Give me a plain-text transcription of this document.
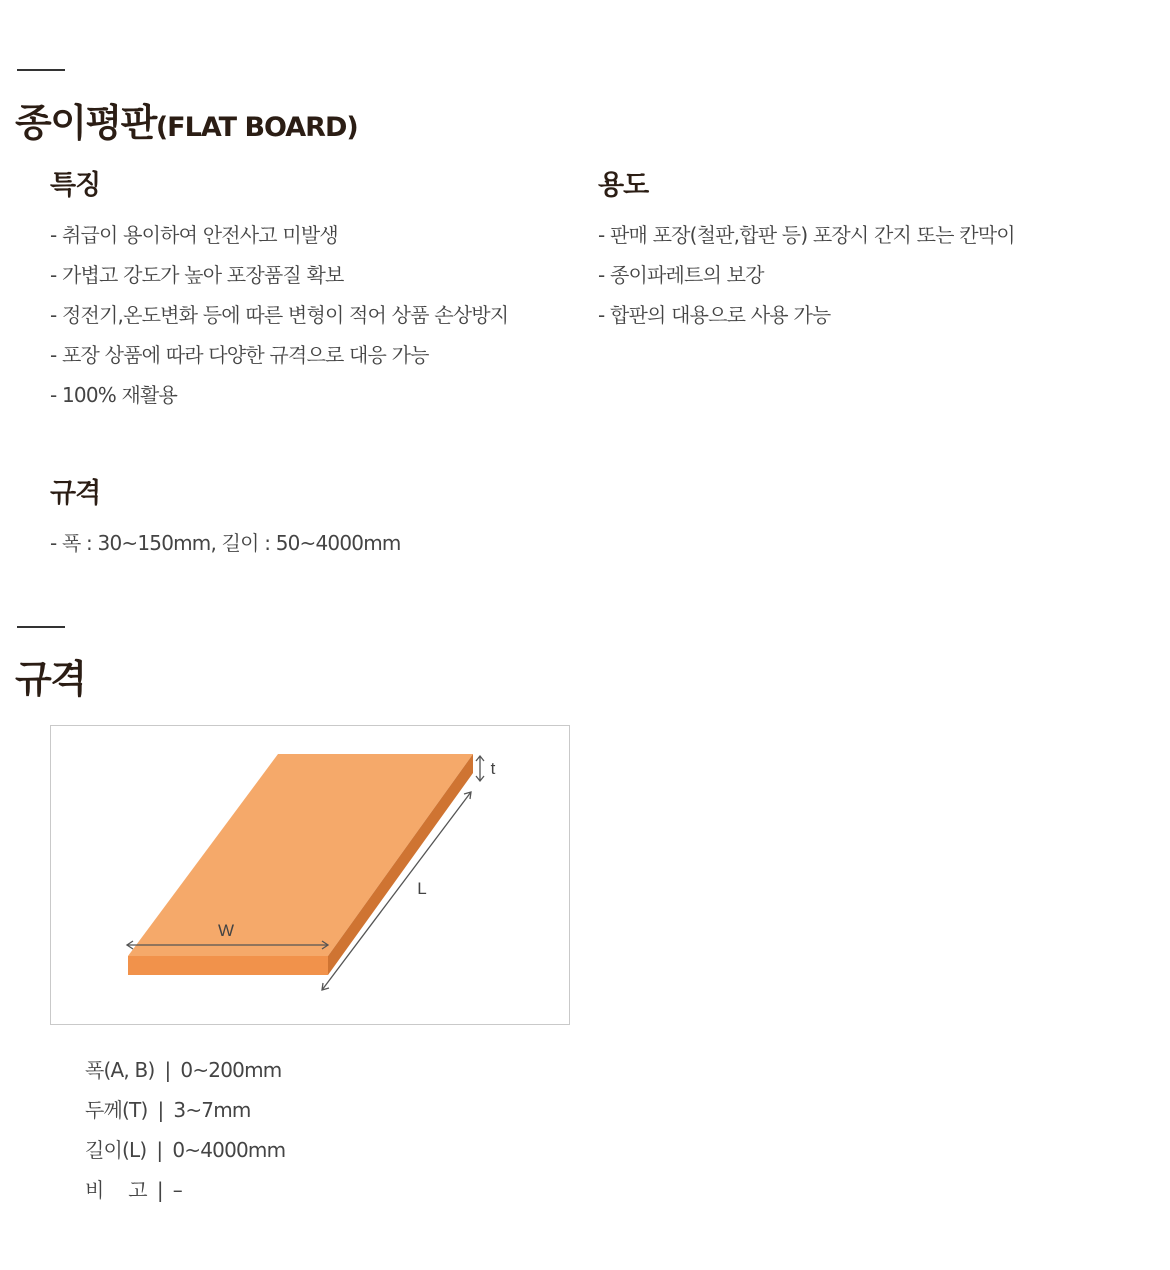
종이평판(FLAT BOARD)
특징
- 취급이 용이하여 안전사고 미발생
- 가볍고 강도가 높아 포장품질 확보
- 정전기,온도변화 등에 따른 변형이 적어 상품 손상방지
- 포장 상품에 따라 다양한 규격으로 대응 가능
- 100% 재활용
용도
- 판매 포장(철판,합판 등) 포장시 간지 또는 칸막이
- 종이파레트의 보강
- 합판의 대용으로 사용 가능
규격
- 폭 : 30~150mm, 길이 : 50~4000mm
규격
W
L
t
폭(A, B) | 0~200mm
두께(T) | 3~7mm
길이(L) | 0~4000mm
비　 고 | –
